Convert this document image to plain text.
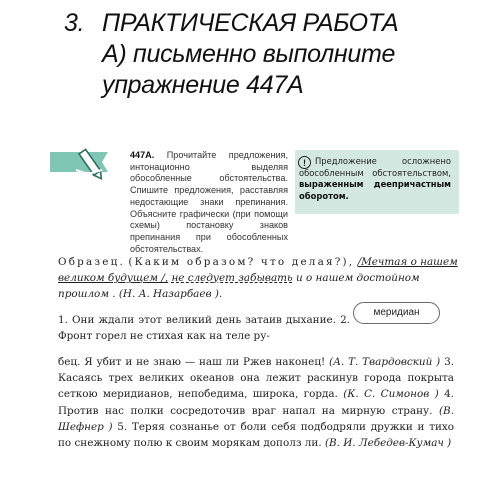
3. ПРАКТИЧЕСКАЯ РАБОТА
А) письменно выполните
упражнение 447А
447А. Прочитайте предложения, интонационно выделяя обособленные обстоятельства. Спишите предложения, расставляя недостающие знаки препинания. Объясните графически (при помощи схемы) постановку знаков препинания при обособленных обстоятельствах.
!	Предложение осложнено обособленным обстоятельством, выраженным деепричастным оборотом.
Образец. (Каким образом? что делая?), /Мечтая о нашем великом будущем /, не следует забывать и о нашем достойном прошлом . (Н. А. Назарбаев ).
1. Они ждали этот великий день затаив дыхание. 2. Фронт горел не стихая как на теле ру-
меридиан
бец. Я убит и не знаю — наш ли Ржев наконец! (А. Т. Твардовский ) 3. Касаясь трех великих океанов она лежит раскинув города покрыта сеткою меридианов, непобедима, широка, горда. (К. С. Симонов ) 4. Против нас полки сосредоточив враг напал на мирную страну. (В. Шефнер ) 5. Теряя сознанье от боли себя подбодряли дружки и тихо по снежному полю к своим морякам дополз ли. (В. И. Лебедев-Кумач )
